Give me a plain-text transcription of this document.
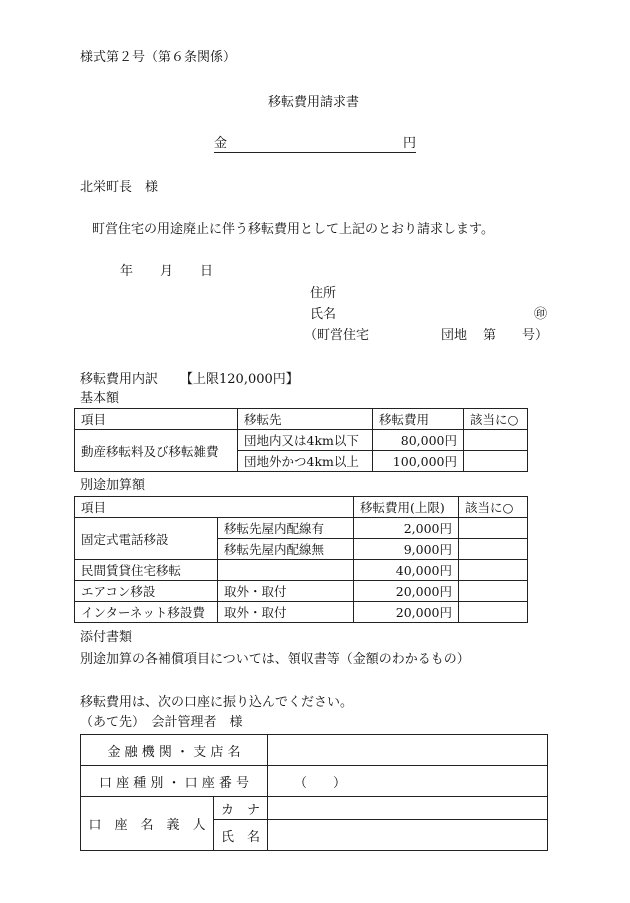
様式第２号（第６条関係）
移転費用請求書
金	円
北栄町長　様
町営住宅の用途廃止に伴う移転費用として上記のとおり請求します。
年 月 日
住所
氏名	㊞
（町営住宅	団地 第 号）
移転費用内訳 【上限120,000円】
基本額
項目	移転先	移転費用	該当に○
動産移転料及び移転雑費	団地内又は4km以下	80,000円	
	団地外かつ4km以上	100,000円	
別途加算額
項目		移転費用(上限)	該当に○
固定式電話移設	移転先屋内配線有	2,000円	
	移転先屋内配線無	9,000円	
民間賃貸住宅移転		40,000円	
エアコン移設	取外・取付	20,000円	
インターネット移設費	取外・取付	20,000円	
添付書類
別途加算の各補償項目については、領収書等（金額のわかるもの）
移転費用は、次の口座に振り込んでください。
（あて先）　会計管理者　様
金 融 機 関 ・ 支 店 名		
口 座 種 別 ・ 口 座 番 号		（　　）
口　座　名　義　人	カ　ナ	
	氏　名	
